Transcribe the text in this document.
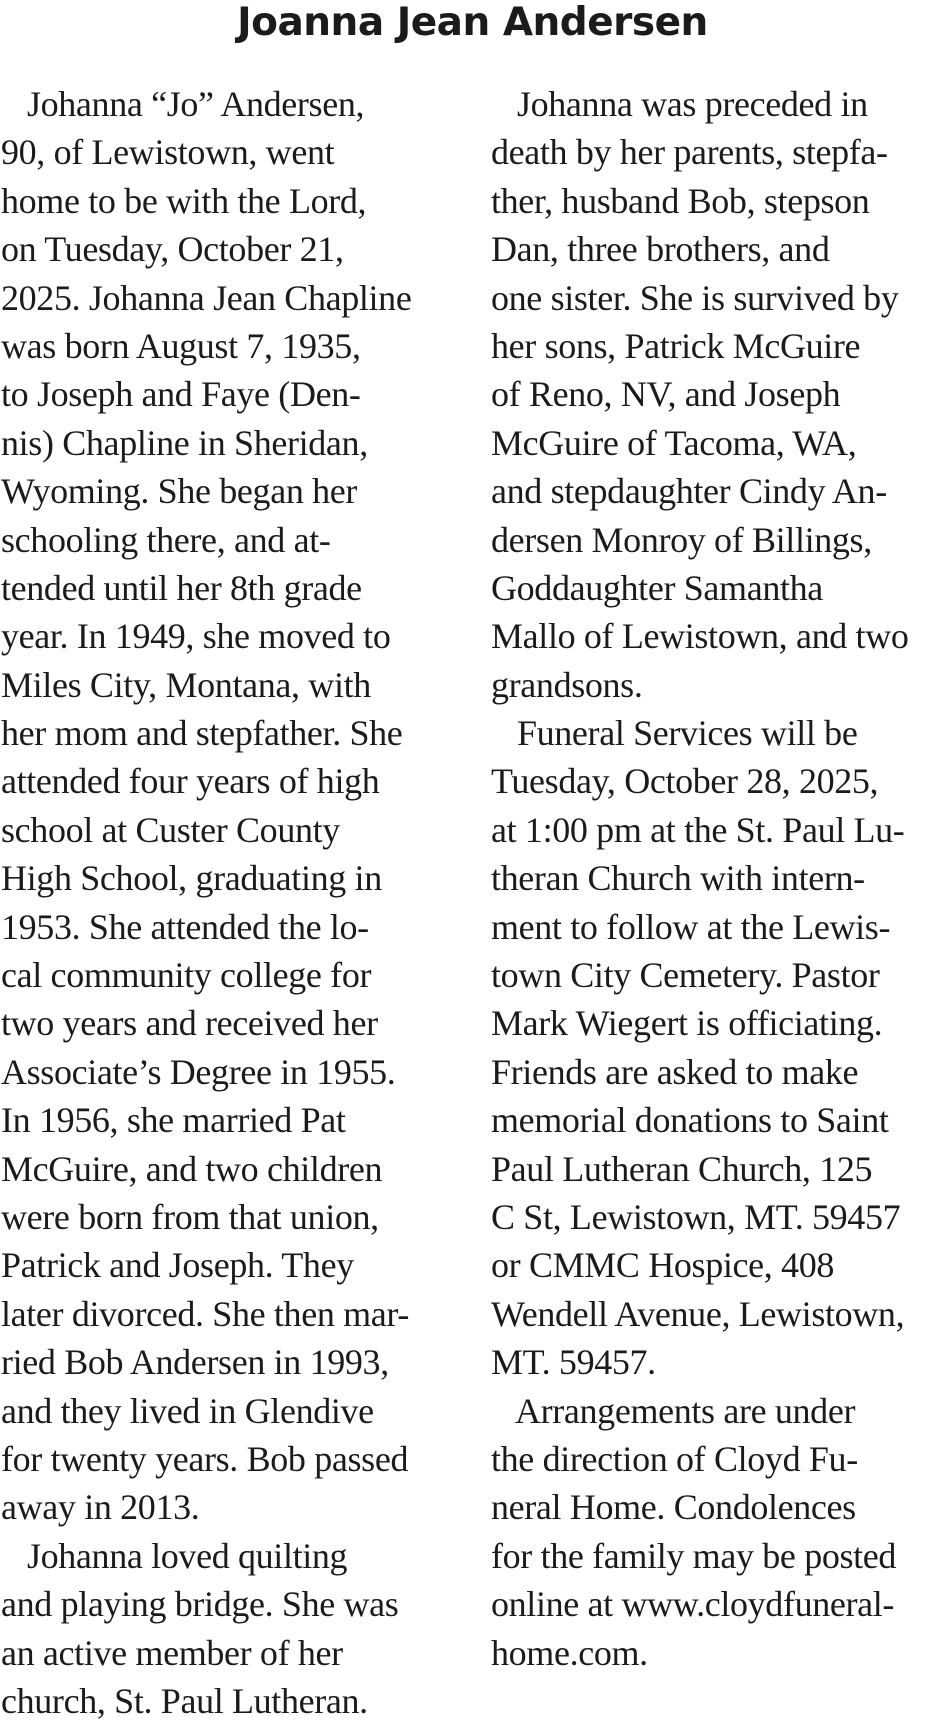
Joanna Jean Andersen
Johanna “Jo” Andersen,
90, of Lewistown, went
home to be with the Lord,
on Tuesday, October 21,
2025. Johanna Jean Chapline
was born August 7, 1935,
to Joseph and Faye (Den-
nis) Chapline in Sheridan,
Wyoming. She began her
schooling there, and at-
tended until her 8th grade
year. In 1949, she moved to
Miles City, Montana, with
her mom and stepfather. She
attended four years of high
school at Custer County
High School, graduating in
1953. She attended the lo-
cal community college for
two years and received her
Associate’s Degree in 1955.
In 1956, she married Pat
McGuire, and two children
were born from that union,
Patrick and Joseph. They
later divorced. She then mar-
ried Bob Andersen in 1993,
and they lived in Glendive
for twenty years. Bob passed
away in 2013.
Johanna loved quilting
and playing bridge. She was
an active member of her
church, St. Paul Lutheran.
Johanna was preceded in
death by her parents, stepfa-
ther, husband Bob, stepson
Dan, three brothers, and
one sister. She is survived by
her sons, Patrick McGuire
of Reno, NV, and Joseph
McGuire of Tacoma, WA,
and stepdaughter Cindy An-
dersen Monroy of Billings,
Goddaughter Samantha
Mallo of Lewistown, and two
grandsons.
Funeral Services will be
Tuesday, October 28, 2025,
at 1:00 pm at the St. Paul Lu-
theran Church with intern-
ment to follow at the Lewis-
town City Cemetery. Pastor
Mark Wiegert is officiating.
Friends are asked to make
memorial donations to Saint
Paul Lutheran Church, 125
C St, Lewistown, MT. 59457
or CMMC Hospice, 408
Wendell Avenue, Lewistown,
MT. 59457.
Arrangements are under
the direction of Cloyd Fu-
neral Home. Condolences
for the family may be posted
online at www.cloydfuneral-
home.com.
